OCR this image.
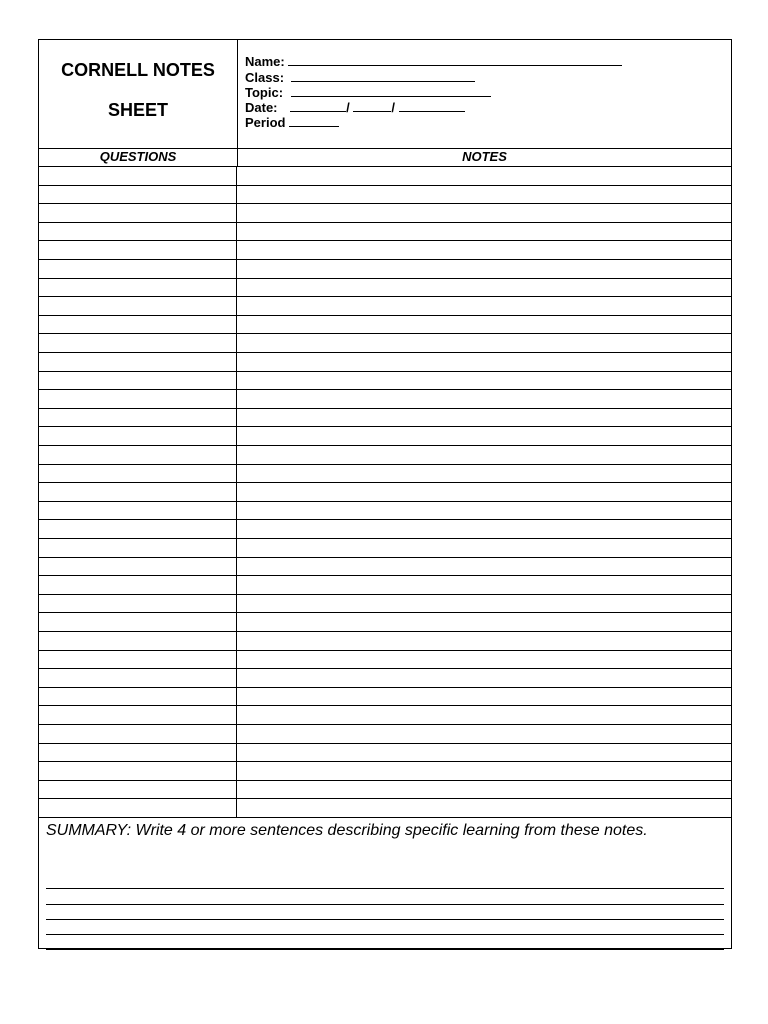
CORNELL NOTES
SHEET
Name:
Class:
Topic:
Date:	/	/
Period
QUESTIONS	NOTES
SUMMARY: Write 4 or more sentences describing specific learning from these notes.
